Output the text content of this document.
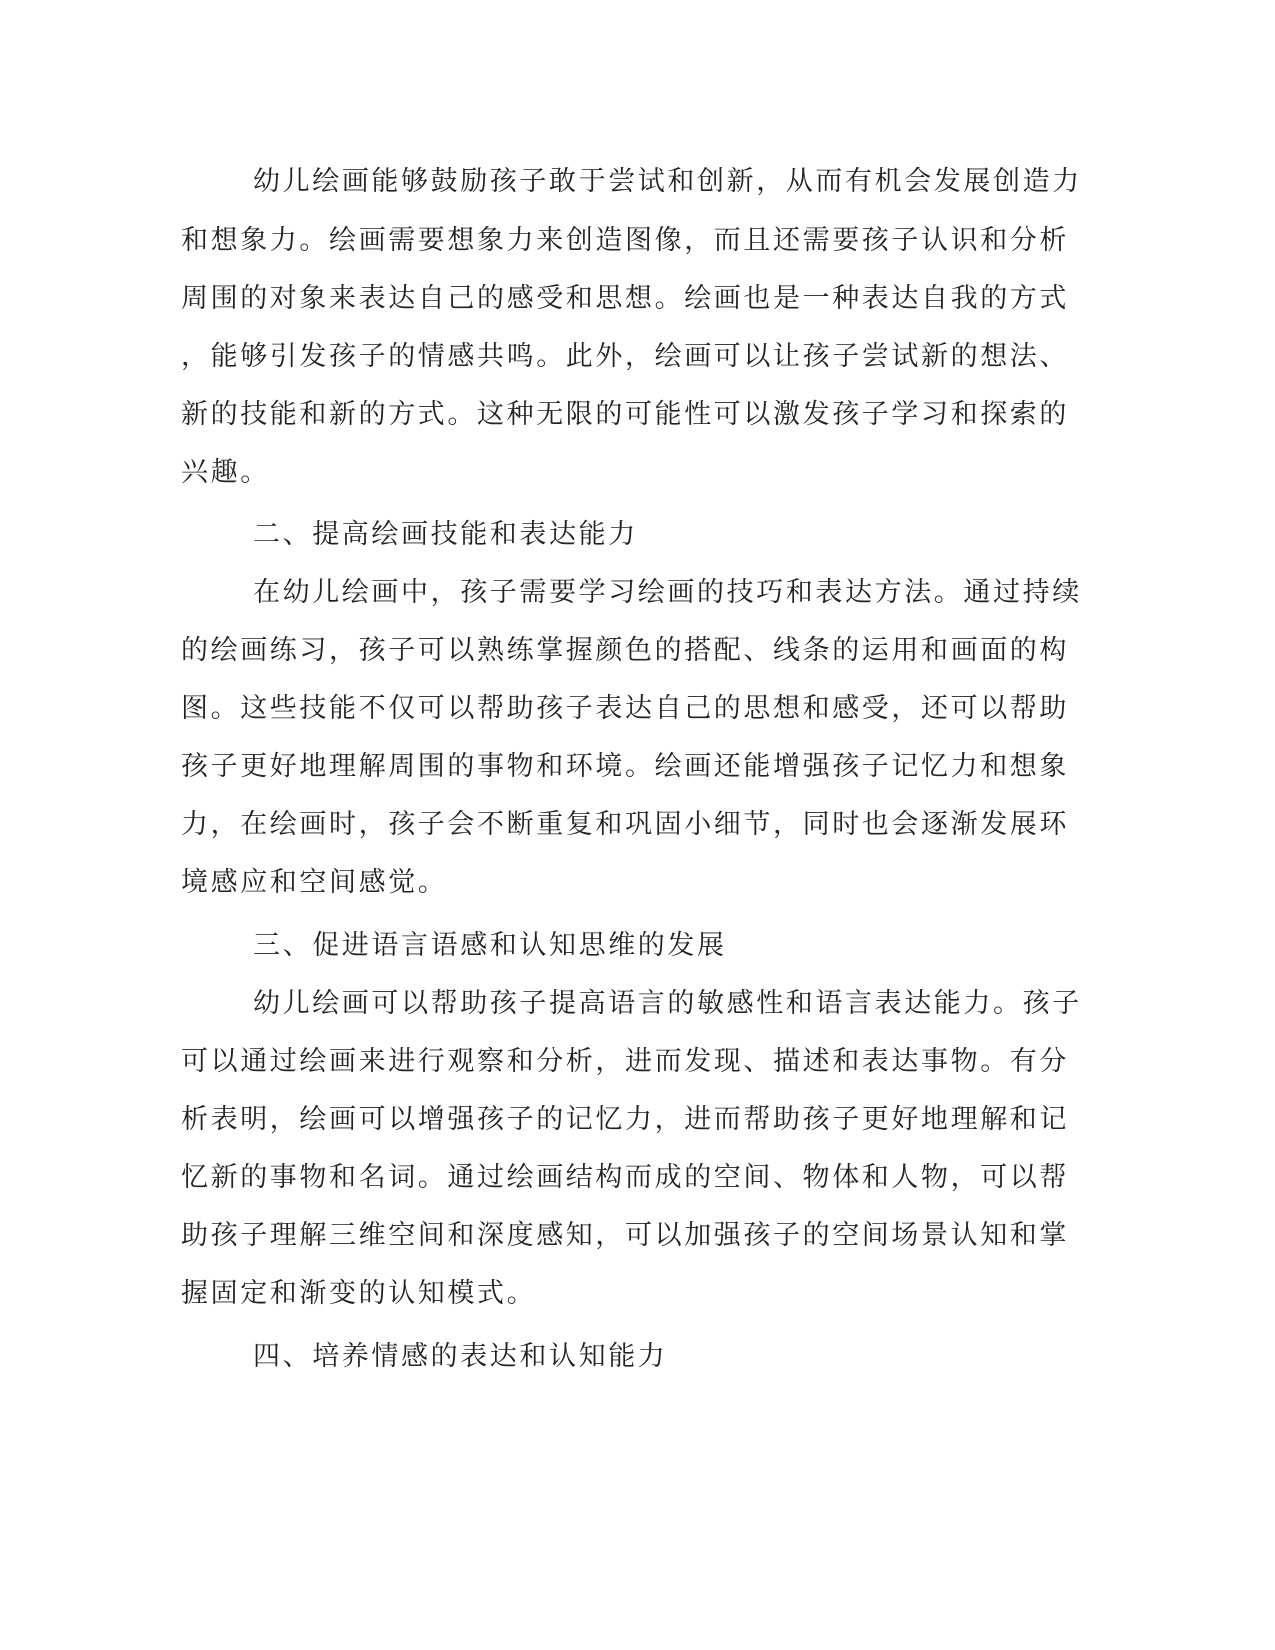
幼儿绘画能够鼓励孩子敢于尝试和创新，从而有机会发展创造力
和想象力。绘画需要想象力来创造图像，而且还需要孩子认识和分析
周围的对象来表达自己的感受和思想。绘画也是一种表达自我的方式
，能够引发孩子的情感共鸣。此外，绘画可以让孩子尝试新的想法、
新的技能和新的方式。这种无限的可能性可以激发孩子学习和探索的
兴趣。
二、提高绘画技能和表达能力
在幼儿绘画中，孩子需要学习绘画的技巧和表达方法。通过持续
的绘画练习，孩子可以熟练掌握颜色的搭配、线条的运用和画面的构
图。这些技能不仅可以帮助孩子表达自己的思想和感受，还可以帮助
孩子更好地理解周围的事物和环境。绘画还能增强孩子记忆力和想象
力，在绘画时，孩子会不断重复和巩固小细节，同时也会逐渐发展环
境感应和空间感觉。
三、促进语言语感和认知思维的发展
幼儿绘画可以帮助孩子提高语言的敏感性和语言表达能力。孩子
可以通过绘画来进行观察和分析，进而发现、描述和表达事物。有分
析表明，绘画可以增强孩子的记忆力，进而帮助孩子更好地理解和记
忆新的事物和名词。通过绘画结构而成的空间、物体和人物，可以帮
助孩子理解三维空间和深度感知，可以加强孩子的空间场景认知和掌
握固定和渐变的认知模式。
四、培养情感的表达和认知能力
